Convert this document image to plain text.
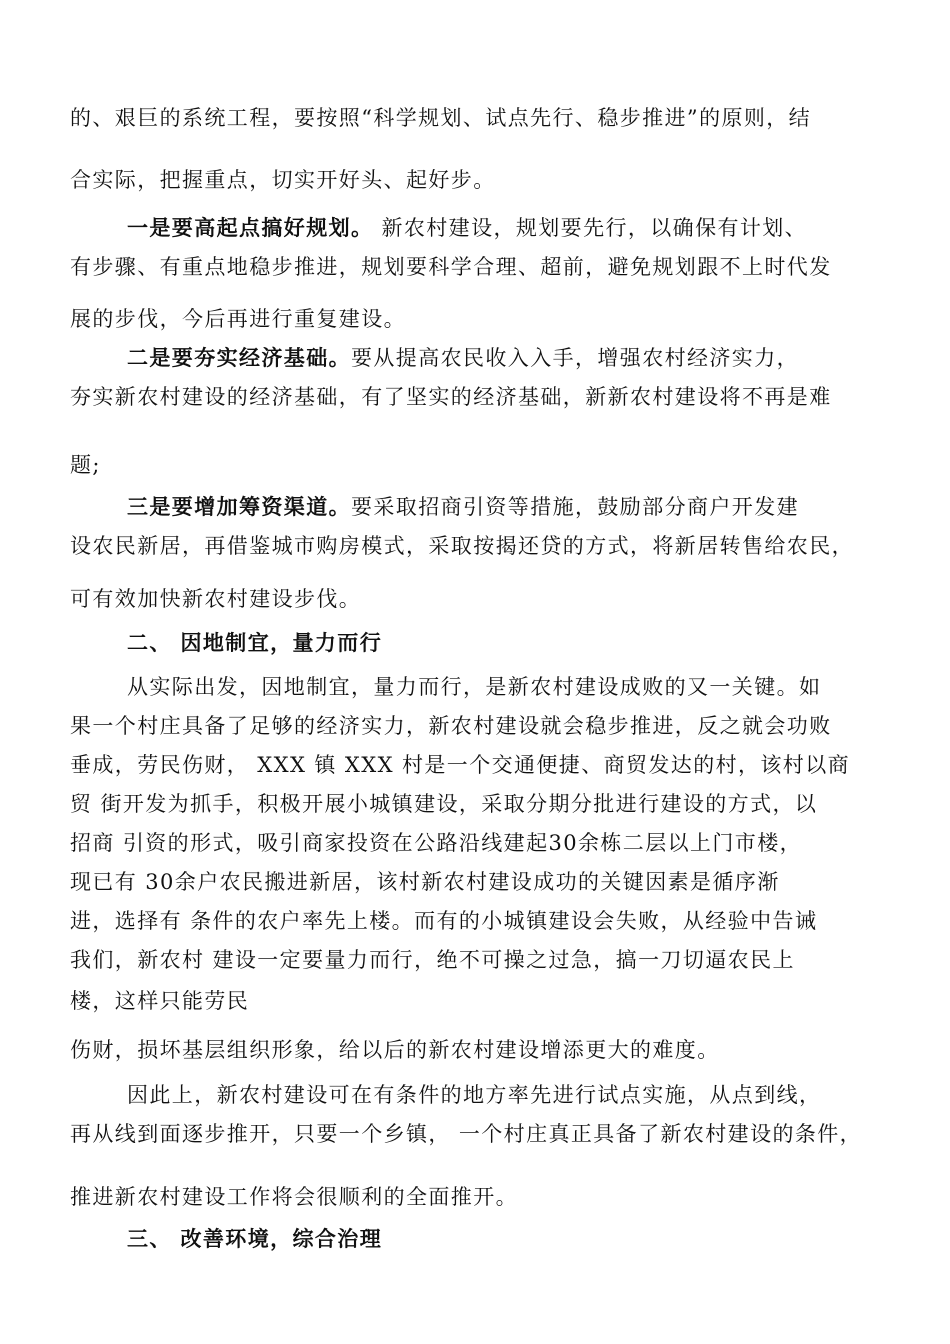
的、艰巨的系统工程，要按照“科学规划、试点先行、稳步推进”的原则，结
合实际，把握重点，切实开好头、起好步。
一是要高起点搞好规划。 新农村建设，规划要先行，以确保有计划、
有步骤、有重点地稳步推进，规划要科学合理、超前，避免规划跟不上时代发
展的步伐，今后再进行重复建设。
二是要夯实经济基础。要从提高农民收入入手，增强农村经济实力，
夯实新农村建设的经济基础，有了坚实的经济基础，新新农村建设将不再是难
题;
三是要增加筹资渠道。要采取招商引资等措施，鼓励部分商户开发建
设农民新居，再借鉴城市购房模式，采取按揭还贷的方式，将新居转售给农民，
可有效加快新农村建设步伐。
二、 因地制宜，量力而行
从实际出发，因地制宜，量力而行，是新农村建设成败的又一关键。如
果一个村庄具备了足够的经济实力，新农村建设就会稳步推进，反之就会功败
垂成，劳民伤财， XXX 镇 XXX 村是一个交通便捷、商贸发达的村，该村以商
贸 街开发为抓手，积极开展小城镇建设，采取分期分批进行建设的方式，以
招商 引资的形式，吸引商家投资在公路沿线建起30余栋二层以上门市楼，
现已有 30余户农民搬进新居，该村新农村建设成功的关键因素是循序渐
进，选择有 条件的农户率先上楼。而有的小城镇建设会失败，从经验中告诫
我们，新农村 建设一定要量力而行，绝不可操之过急，搞一刀切逼农民上
楼，这样只能劳民
伤财，损坏基层组织形象，给以后的新农村建设增添更大的难度。
因此上，新农村建设可在有条件的地方率先进行试点实施，从点到线，
再从线到面逐步推开，只要一个乡镇， 一个村庄真正具备了新农村建设的条件，
推进新农村建设工作将会很顺利的全面推开。
三、 改善环境，综合治理
